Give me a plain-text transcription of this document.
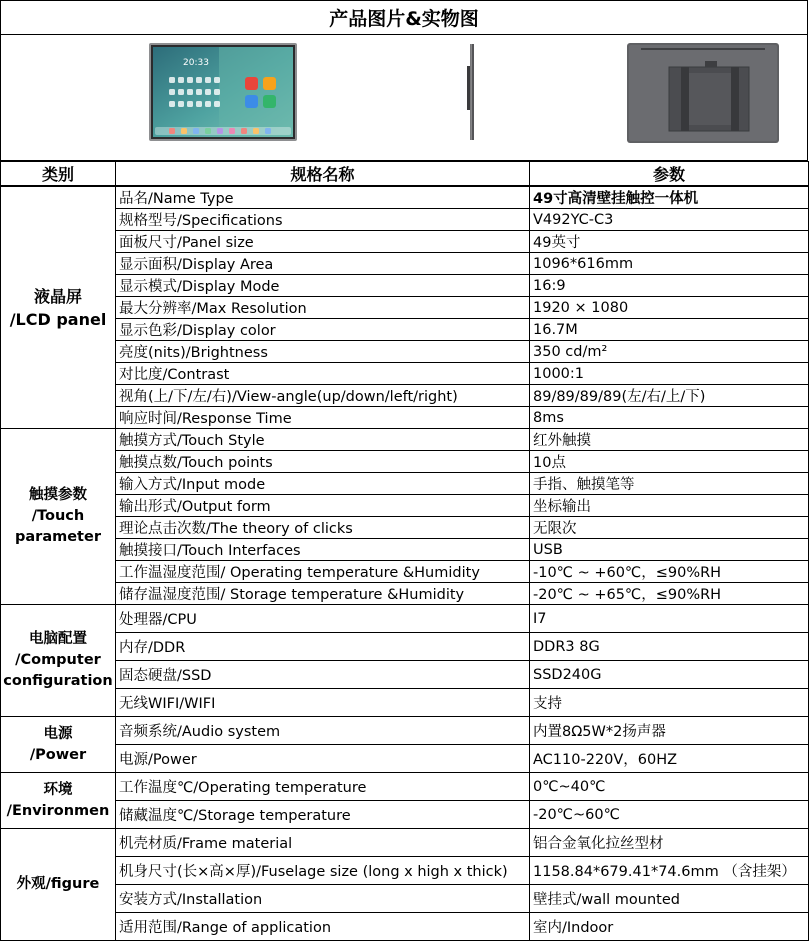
产品图片&实物图
20:33
类别	规格名称	参数

液晶屏
/LCD panel	品名/Name Type	49寸高清壁挂触控一体机
	规格型号/Specifications	V492YC-C3
	面板尺寸/Panel size	49英寸
	显示面积/Display Area	1096*616mm
	显示模式/Display Mode	16:9
	最大分辨率/Max Resolution	1920 × 1080
	显示色彩/Display color	16.7M
	亮度(nits)/Brightness	350 cd/m²
	对比度/Contrast	1000:1
	视角(上/下/左/右)/View-angle(up/down/left/right)	89/89/89/89(左/右/上/下)
	响应时间/Response Time	8ms

触摸参数
/Touch
parameter	触摸方式/Touch Style	红外触摸
	触摸点数/Touch points	10点
	输入方式/Input mode	手指、触摸笔等
	输出形式/Output form	坐标输出
	理论点击次数/The theory of clicks	无限次
	触摸接口/Touch Interfaces	USB
	工作温湿度范围/ Operating temperature &Humidity	-10℃ ~ +60℃，≤90%RH
	储存温湿度范围/ Storage temperature &Humidity	-20℃ ~ +65℃，≤90%RH

电脑配置
/Computer
configuration	处理器/CPU	I7
	内存/DDR	DDR3 8G
	固态硬盘/SSD	SSD240G
	无线WIFI/WIFI	支持

电源
/Power	音频系统/Audio system	内置8Ω5W*2扬声器
	电源/Power	AC110-220V，60HZ

环境
/Environmen	工作温度℃/Operating temperature	0℃~40℃
	储藏温度℃/Storage temperature	-20℃~60℃

外观/figure	机壳材质/Frame material	铝合金氧化拉丝型材
	机身尺寸(长×高×厚)/Fuselage size (long x high x thick)	1158.84*679.41*74.6mm （含挂架）
	安装方式/Installation	壁挂式/wall mounted
	适用范围/Range of application	室内/Indoor
